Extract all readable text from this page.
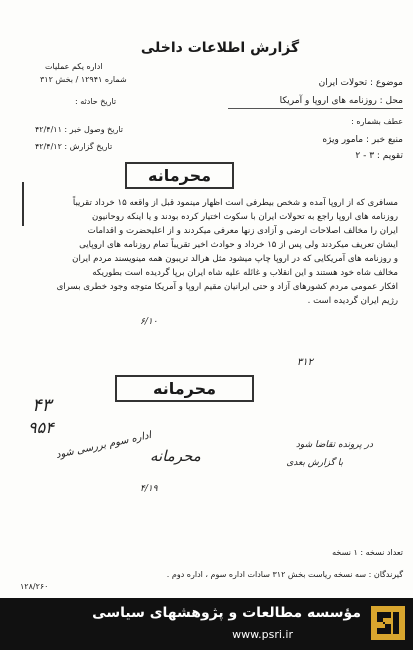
گزارش اطلاعات داخلی
اداره یکم عملیات
شماره ۱۲۹۴۱ / بخش ۳۱۲
تاریخ حادثه :
تاریخ وصول خبر : ۴۲/۴/۱۱
تاریخ گزارش : ۴۲/۴/۱۲
موضوع : تحولات ایران
محل : روزنامه های اروپا و آمریکا
عطف بشماره :
منبع خبر : مامور ویژه
تقویم : ۳ - ۲
محرمانه

مسافری که از اروپا آمده و شخص بیطرفی است اظهار مینمود قبل از واقعه ۱۵ خرداد تقریباً

روزنامه های اروپا راجع به تحولات ایران با سکوت اختیار کرده بودند و یا اینکه روحانیون

ایران را مخالف اصلاحات ارضی و آزادی زنها معرفی میکردند و از اعلیحضرت و اقدامات

ایشان تعریف میکردند ولی پس از ۱۵ خرداد و حوادث اخیر تقریباً تمام روزنامه های اروپایی

و روزنامه های آمریکایی که در اروپا چاپ میشود مثل هرالد تریبون همه مینویسند مردم ایران

مخالف شاه خود هستند و این انقلاب و غائله علیه شاه ایران برپا گردیده است بطوریکه

افکار عمومی مردم کشورهای آزاد و حتی ایرانیان مقیم اروپا و آمریکا متوجه وجود خطری بسرای

رژیم ایران گردیده است .

۶/۱۰
۳۱۲
محرمانه
۴۳
۹۵۴
اداره سوم بررسی شود
محرمانه
۴/۱۹
در پرونده تقاضا شود
با گزارش بعدی
تعداد نسخه : ۱ نسخه
گیرندگان : سه نسخه ریاست بخش ۳۱۲ سادات اداره سوم ، اداره دوم .
۱۲۸/۲۶۰
مؤسسه مطالعات و پژوهشهای سیاسی
www.psri.ir
